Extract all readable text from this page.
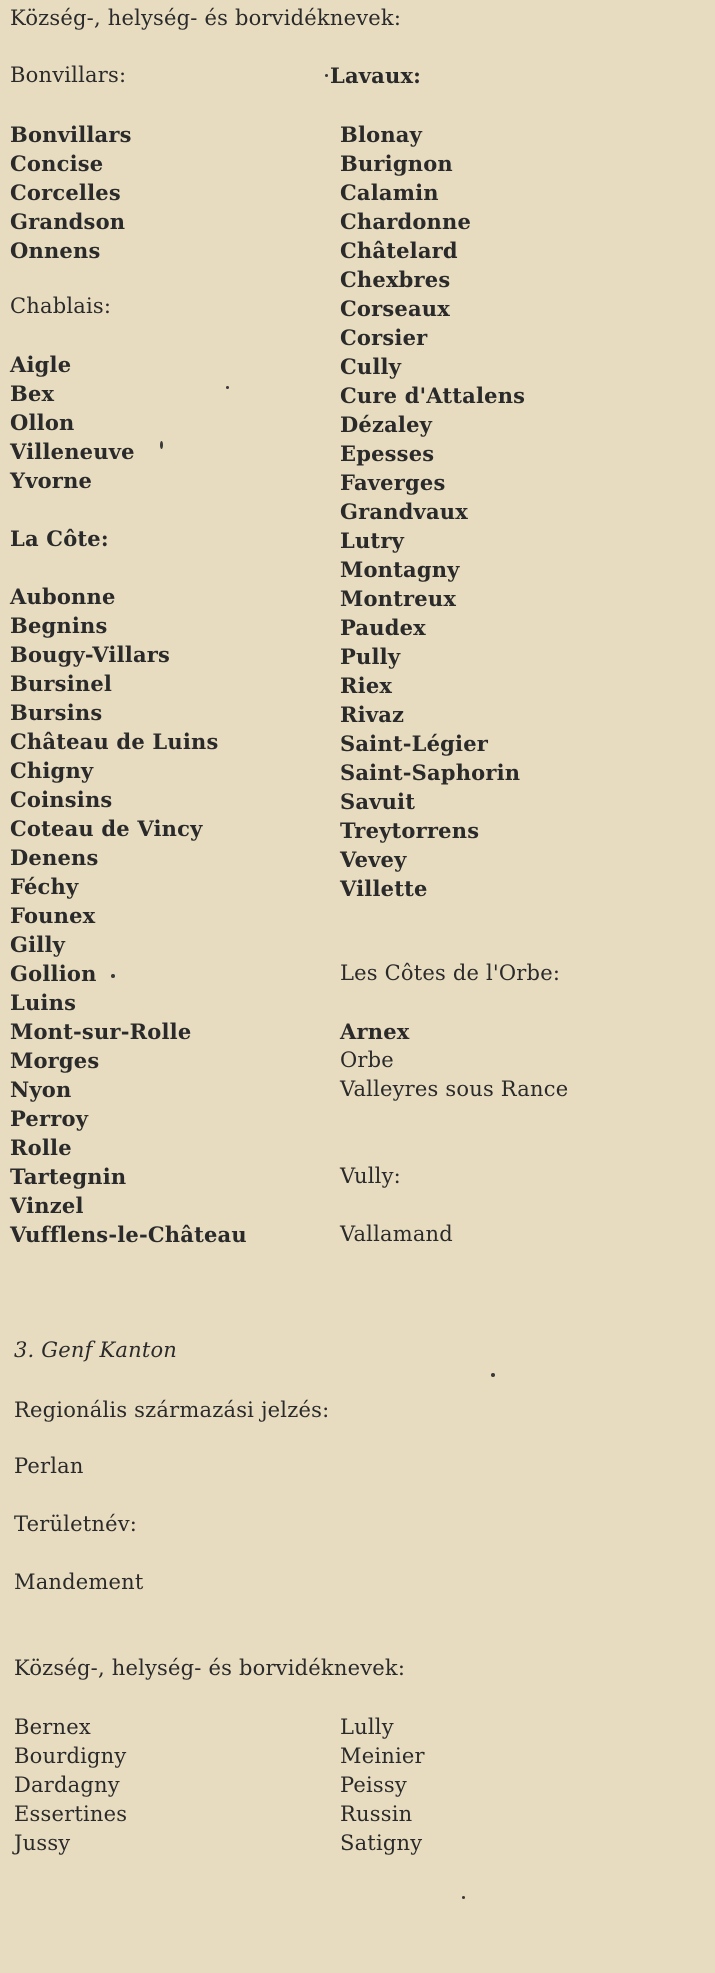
Község-, helység- és borvidéknevek:
Bonvillars:
Bonvillars
Concise
Corcelles
Grandson
Onnens
Chablais:
Aigle
Bex
Ollon
Villeneuve
Yvorne
La Côte:
Aubonne
Begnins
Bougy-Villars
Bursinel
Bursins
Château de Luins
Chigny
Coinsins
Coteau de Vincy
Denens
Féchy
Founex
Gilly
Gollion
Luins
Mont-sur-Rolle
Morges
Nyon
Perroy
Rolle
Tartegnin
Vinzel
Vufflens-le-Château
Lavaux:
Blonay
Burignon
Calamin
Chardonne
Châtelard
Chexbres
Corseaux
Corsier
Cully
Cure d'Attalens
Dézaley
Epesses
Faverges
Grandvaux
Lutry
Montagny
Montreux
Paudex
Pully
Riex
Rivaz
Saint-Légier
Saint-Saphorin
Savuit
Treytorrens
Vevey
Villette
Les Côtes de l'Orbe:
Arnex
Orbe
Valleyres sous Rance
Vully:
Vallamand
3. Genf Kanton
Regionális származási jelzés:
Perlan
Területnév:
Mandement
Község-, helység- és borvidéknevek:
Bernex
Bourdigny
Dardagny
Essertines
Jussy
Lully
Meinier
Peissy
Russin
Satigny
